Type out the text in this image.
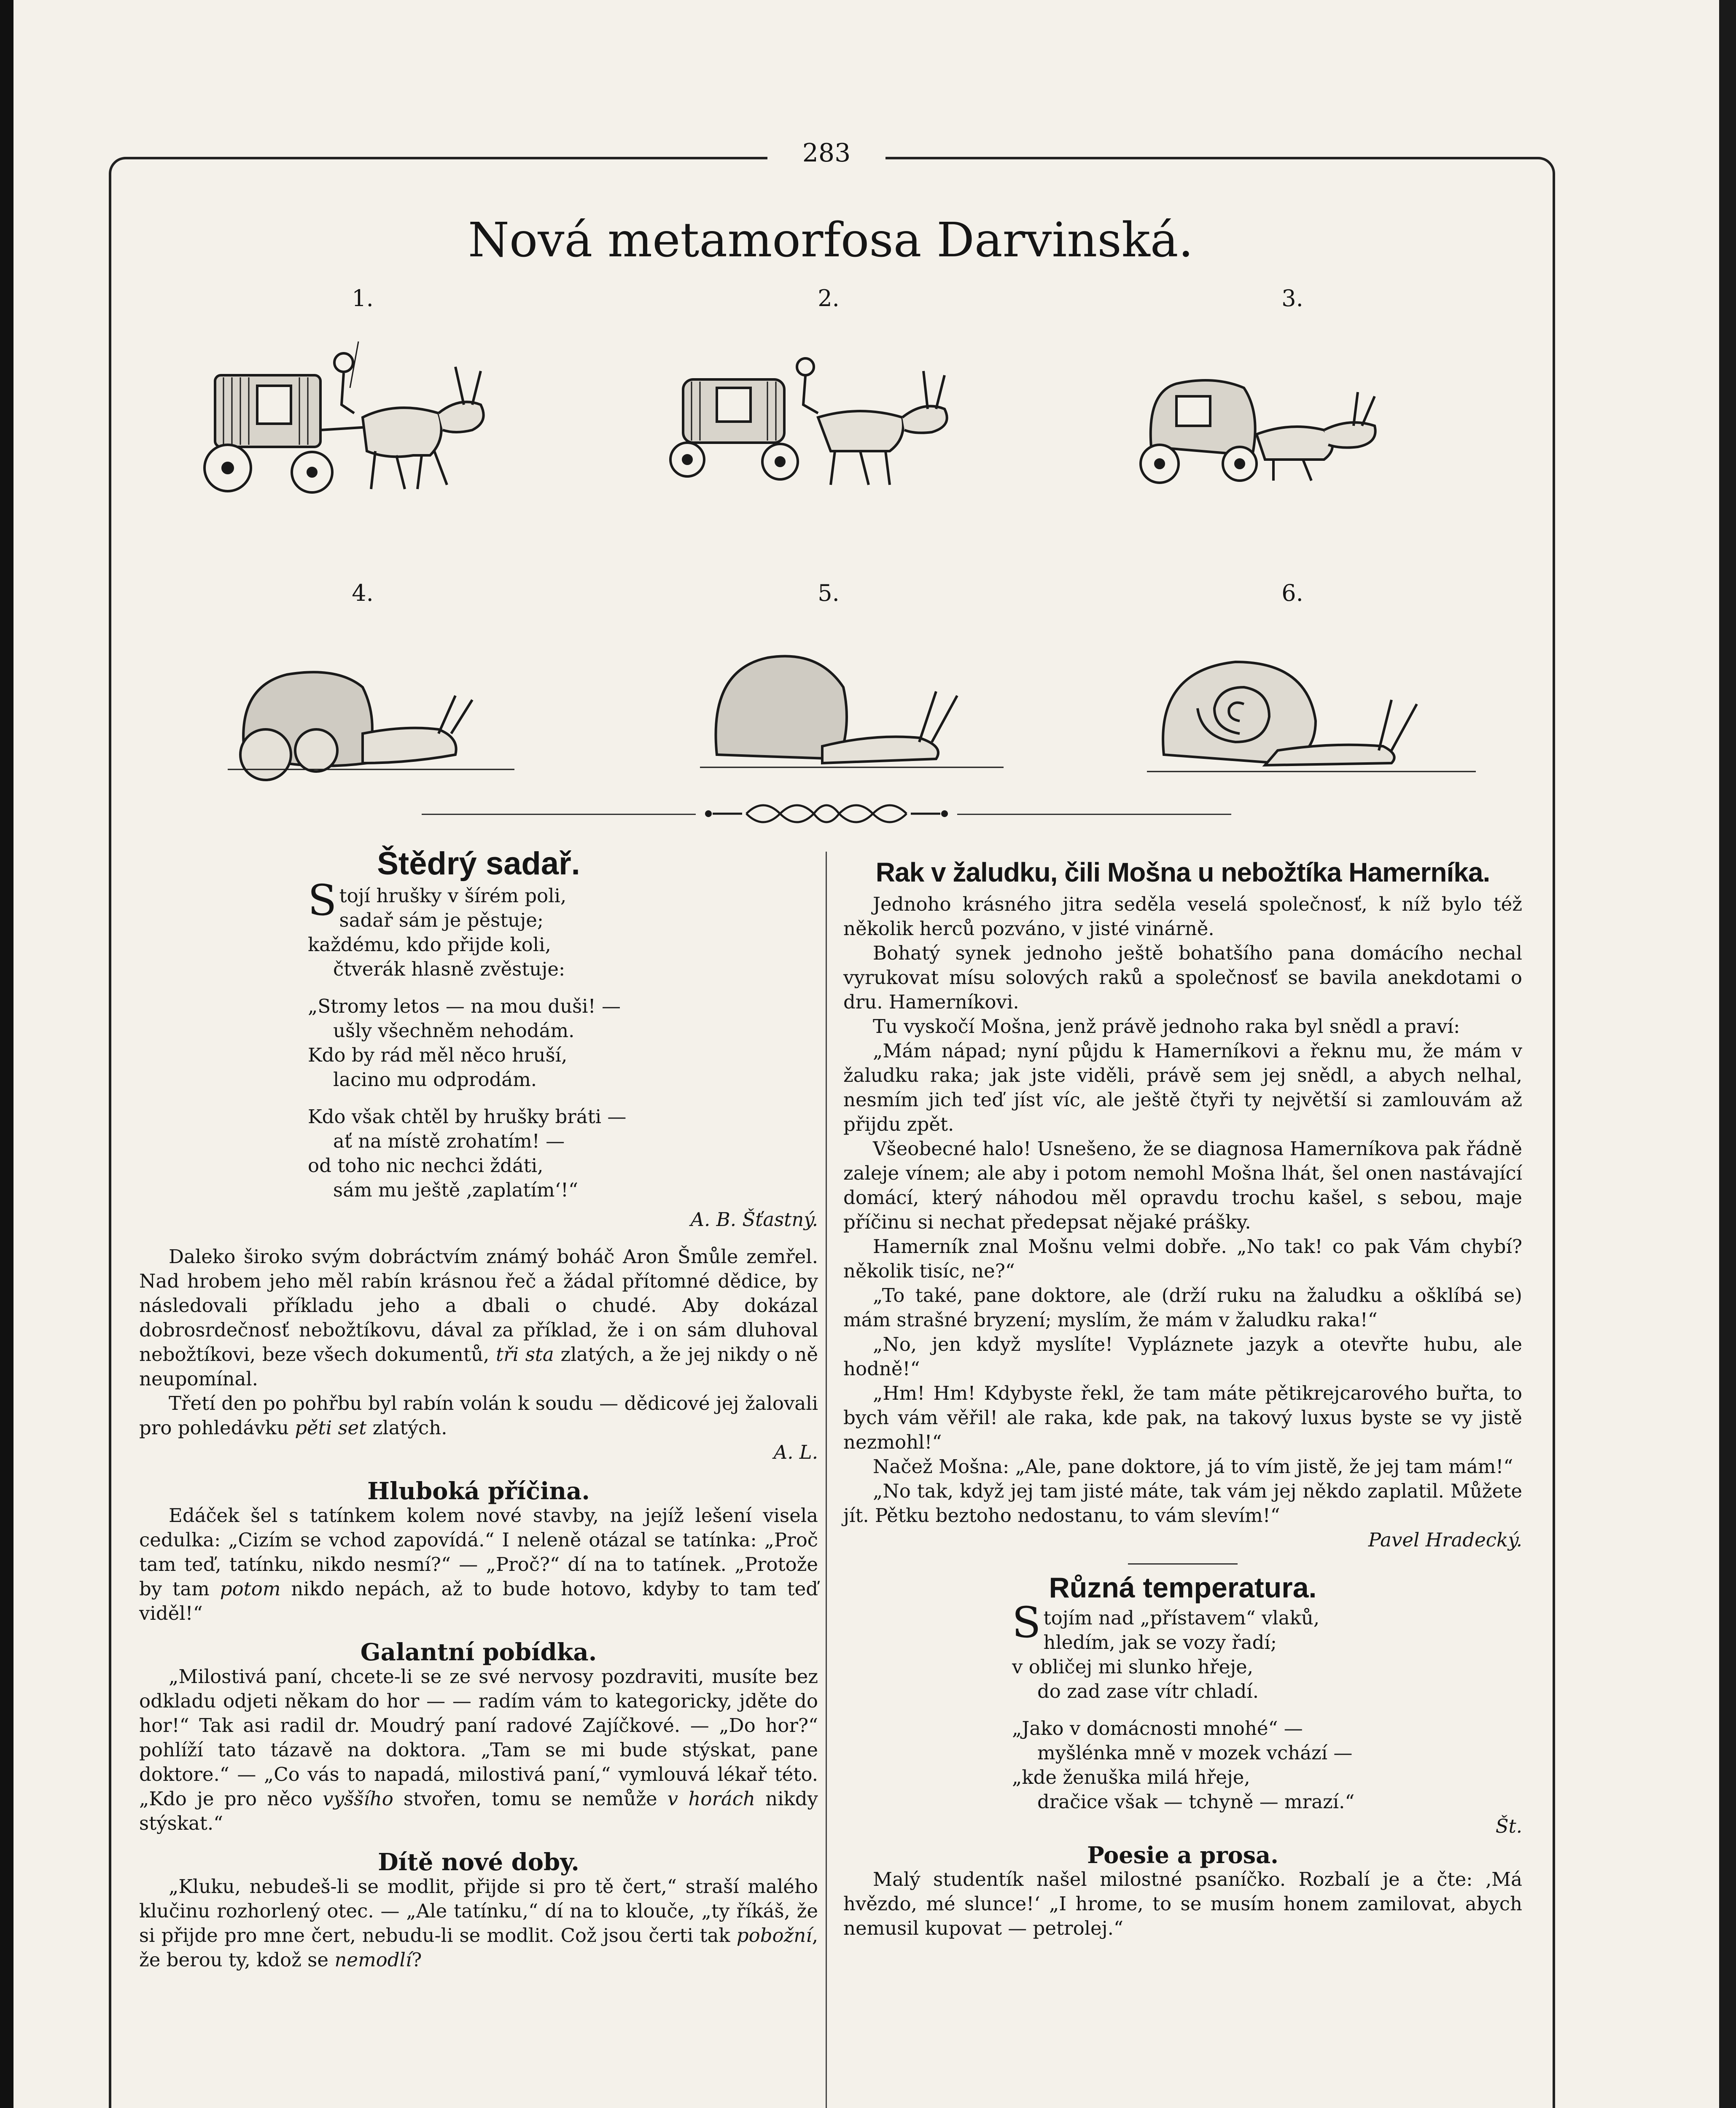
283
Nová metamorfosa Darvinská.
1.	2.	3.
4.	5.	6.
Štědrý sadař.
S tojí hrušky v šírém poli,
sadař sám je pěstuje;
každému, kdo přijde koli,
čtverák hlasně zvěstuje:
„Stromy letos — na mou duši! —
ušly všechněm nehodám.
Kdo by rád měl něco hruší,
lacino mu odprodám.
Kdo však chtěl by hrušky bráti —
ať na místě zrohatím! —
od toho nic nechci ždáti,
sám mu ještě ‚zaplatím‘!“
A. B. Šťastný.

Daleko široko svým dobráctvím známý boháč Aron Šmůle zemřel. Nad hrobem jeho měl rabín krásnou řeč a žádal přítomné dědice, by následovali příkladu jeho a dbali o chudé. Aby dokázal dobrosrdečnosť nebožtíkovu, dával za příklad, že i on sám dluhoval nebožtíkovi, beze všech dokumentů, tři sta zlatých, a že jej nikdy o ně neupomínal.

Třetí den po pohřbu byl rabín volán k soudu — dědicové jej žalovali pro pohledávku pěti set zlatých.

A. L.
Hluboká příčina.

Edáček šel s tatínkem kolem nové stavby, na jejíž lešení visela cedulka: „Cizím se vchod zapovídá.“ I neleně otázal se tatínka: „Proč tam teď, tatínku, nikdo nesmí?“ — „Proč?“ dí na to tatínek. „Protože by tam potom nikdo nepách, až to bude hotovo, kdyby to tam teď viděl!“

Galantní pobídka.

„Milostivá paní, chcete-li se ze své nervosy pozdraviti, musíte bez odkladu odjeti někam do hor — — radím vám to kategoricky, jděte do hor!“ Tak asi radil dr. Moudrý paní radové Zajíčkové. — „Do hor?“ pohlíží tato tázavě na doktora. „Tam se mi bude stýskat, pane doktore.“ — „Co vás to napadá, milostivá paní,“ vymlouvá lékař této. „Kdo je pro něco vyššího stvořen, tomu se nemůže v horách nikdy stýskat.“

Dítě nové doby.

„Kluku, nebudeš-li se modlit, přijde si pro tě čert,“ straší malého klučinu rozhorlený otec. — „Ale tatínku,“ dí na to klouče, „ty říkáš, že si přijde pro mne čert, nebudu-li se modlit. Což jsou čerti tak pobožní, že berou ty, kdož se nemodlí?

Rak v žaludku, čili Mošna u nebožtíka Hamerníka.

Jednoho krásného jitra seděla veselá společnosť, k níž bylo též několik herců pozváno, v jisté vinárně.

Bohatý synek jednoho ještě bohatšího pana domácího nechal vyrukovat mísu solových raků a společnosť se bavila anekdotami o dru. Hamerníkovi.

Tu vyskočí Mošna, jenž právě jednoho raka byl snědl a praví:

„Mám nápad; nyní půjdu k Hamerníkovi a řeknu mu, že mám v žaludku raka; jak jste viděli, právě sem jej snědl, a abych nelhal, nesmím jich teď jíst víc, ale ještě čtyři ty největší si zamlouvám až přijdu zpět.

Všeobecné halo! Usnešeno, že se diagnosa Hamerníkova pak řádně zaleje vínem; ale aby i potom nemohl Mošna lhát, šel onen nastávající domácí, který náhodou měl opravdu trochu kašel, s sebou, maje příčinu si nechat předepsat nějaké prášky.

Hamerník znal Mošnu velmi dobře. „No tak! co pak Vám chybí? několik tisíc, ne?“

„To také, pane doktore, ale (drží ruku na žaludku a ošklíbá se) mám strašné bryzení; myslím, že mám v žaludku raka!“

„No, jen když myslíte! Vypláznete jazyk a otevřte hubu, ale hodně!“

„Hm! Hm! Kdybyste řekl, že tam máte pětikrejcarového buřta, to bych vám věřil! ale raka, kde pak, na takový luxus byste se vy jistě nezmohl!“

Načež Mošna: „Ale, pane doktore, já to vím jistě, že jej tam mám!“

„No tak, když jej tam jisté máte, tak vám jej někdo zaplatil. Můžete jít. Pětku beztoho nedostanu, to vám slevím!“

Pavel Hradecký.
Různá temperatura.
S tojím nad „přístavem“ vlaků,
hledím, jak se vozy řadí;
v obličej mi slunko hřeje,
do zad zase vítr chladí.
„Jako v domácnosti mnohé“ —
myšlénka mně v mozek vchází —
„kde ženuška milá hřeje,
dračice však — tchyně — mrazí.“
Št.
Poesie a prosa.

Malý studentík našel milostné psaníčko. Rozbalí je a čte: ‚Má hvězdo, mé slunce!‘ „I hrome, to se musím honem zamilovat, abych nemusil kupovat — petrolej.“
